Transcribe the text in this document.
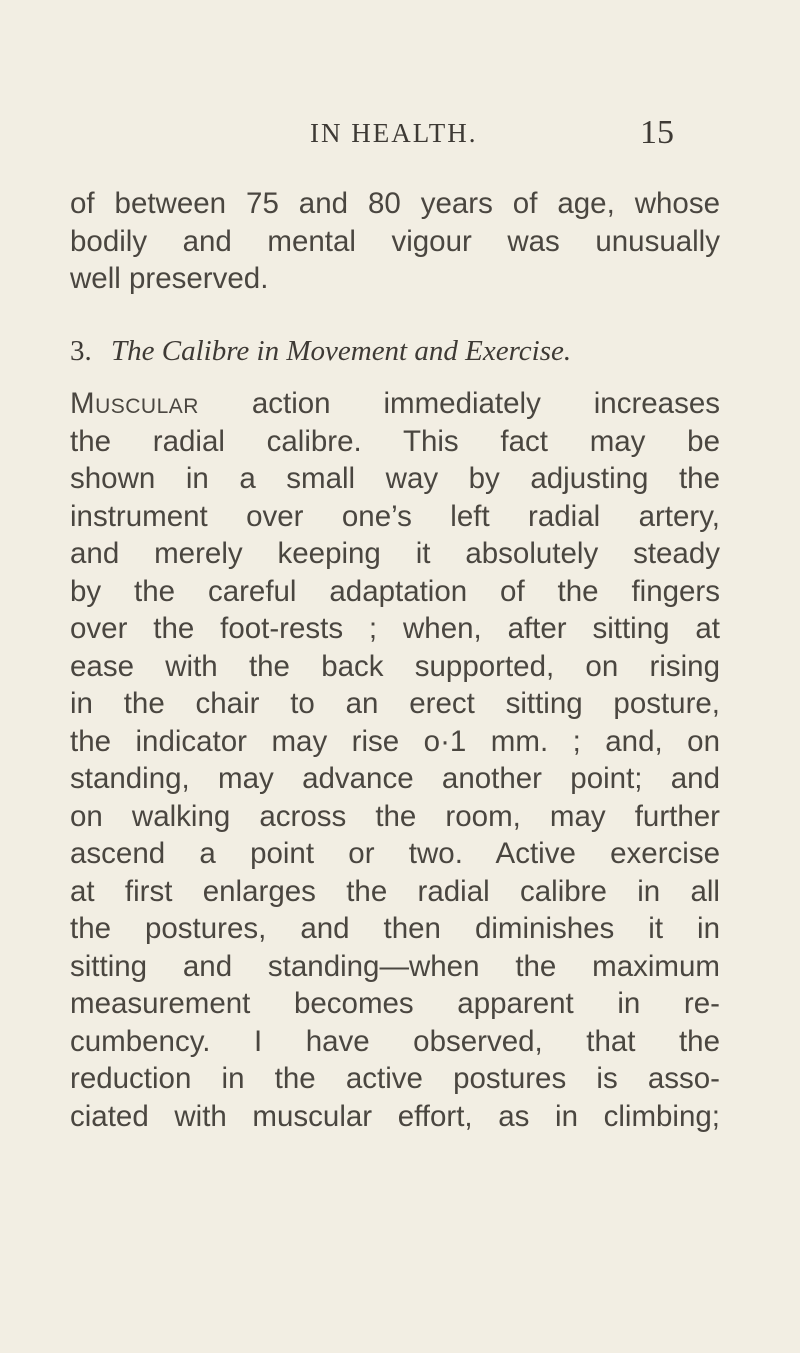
IN HEALTH.	15
of between 75 and 80 years of age, whose
bodily and mental vigour was unusually
well preserved.
3. The Calibre in Movement and Exercise.
Muscular action immediately increases
the radial calibre. This fact may be
shown in a small way by adjusting the
instrument over one’s left radial artery,
and merely keeping it absolutely steady
by the careful adaptation of the fingers
over the foot-rests ; when, after sitting at
ease with the back supported, on rising
in the chair to an erect sitting posture,
the indicator may rise o·1 mm. ; and, on
standing, may advance another point; and
on walking across the room, may further
ascend a point or two. Active exercise
at first enlarges the radial calibre in all
the postures, and then diminishes it in
sitting and standing—when the maximum
measurement becomes apparent in re-
cumbency. I have observed, that the
reduction in the active postures is asso-
ciated with muscular effort, as in climbing;
